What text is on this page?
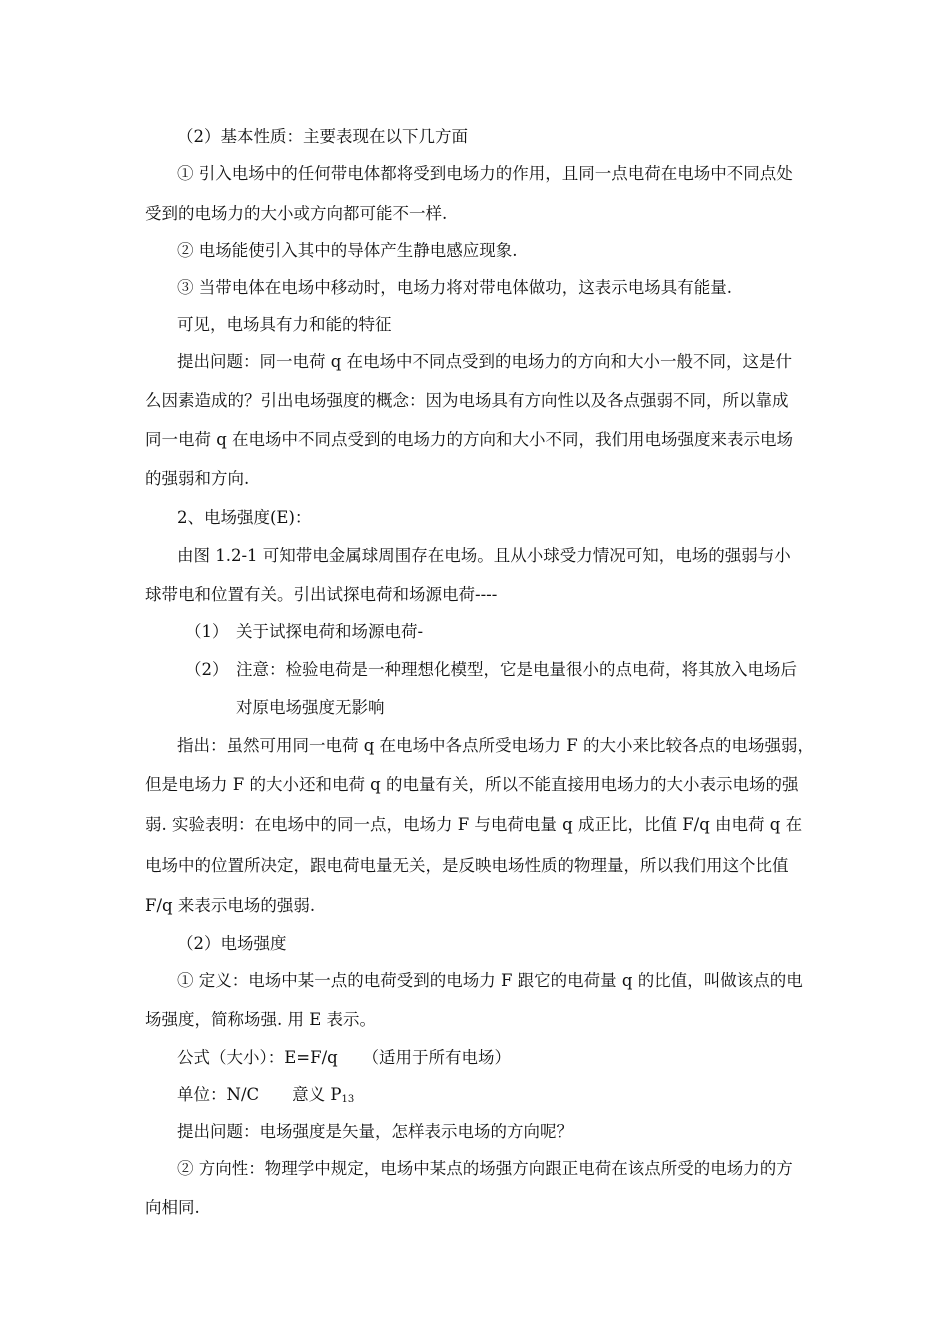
（2）基本性质：主要表现在以下几方面
① 引入电场中的任何带电体都将受到电场力的作用，且同一点电荷在电场中不同点处
受到的电场力的大小或方向都可能不一样.
② 电场能使引入其中的导体产生静电感应现象.
③ 当带电体在电场中移动时，电场力将对带电体做功，这表示电场具有能量.
可见，电场具有力和能的特征
提出问题：同一电荷 q 在电场中不同点受到的电场力的方向和大小一般不同，这是什
么因素造成的？引出电场强度的概念：因为电场具有方向性以及各点强弱不同，所以靠成
同一电荷 q 在电场中不同点受到的电场力的方向和大小不同，我们用电场强度来表示电场
的强弱和方向.
2、电场强度(E)：
由图 1.2-1 可知带电金属球周围存在电场。且从小球受力情况可知，电场的强弱与小
球带电和位置有关。引出试探电荷和场源电荷----
（1） 关于试探电荷和场源电荷-
（2） 注意：检验电荷是一种理想化模型，它是电量很小的点电荷，将其放入电场后
对原电场强度无影响
指出：虽然可用同一电荷 q 在电场中各点所受电场力 F 的大小来比较各点的电场强弱，
但是电场力 F 的大小还和电荷 q 的电量有关，所以不能直接用电场力的大小表示电场的强
弱. 实验表明：在电场中的同一点，电场力 F 与电荷电量 q 成正比，比值 F/q 由电荷 q 在
电场中的位置所决定，跟电荷电量无关，是反映电场性质的物理量，所以我们用这个比值
F/q 来表示电场的强弱.
（2）电场强度
① 定义：电场中某一点的电荷受到的电场力 F 跟它的电荷量 q 的比值，叫做该点的电
场强度，简称场强. 用 E 表示。
公式（大小）：E=F/q　　（适用于所有电场）
单位：N/C　　意义 $P_{13}$
提出问题：电场强度是矢量，怎样表示电场的方向呢？
② 方向性：物理学中规定，电场中某点的场强方向跟正电荷在该点所受的电场力的方
向相同.
